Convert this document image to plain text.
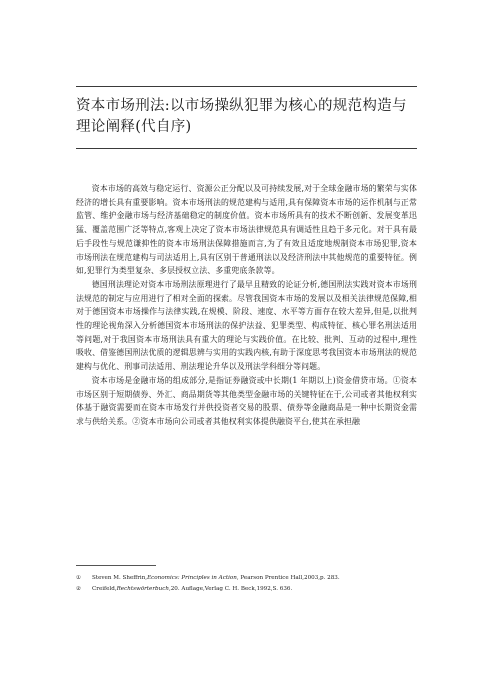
资本市场刑法:以市场操纵犯罪为核心的规范构造与理论阐释(代自序)

资本市场的高效与稳定运行、资源公正分配以及可持续发展,对于全球金融市场的繁荣与实体经济的增长具有重要影响。资本市场刑法的规范建构与适用,具有保障资本市场的运作机制与正常监管、维护金融市场与经济基础稳定的制度价值。资本市场所具有的技术不断创新、发展变革迅猛、覆盖范围广泛等特点,客观上决定了资本市场法律规范具有调适性且趋于多元化。对于具有最后手段性与规范谦抑性的资本市场刑法保障措施而言,为了有效且适度地规制资本市场犯罪,资本市场刑法在规范建构与司法适用上,具有区别于普通刑法以及经济刑法中其他规范的重要特征。例如,犯罪行为类型复杂、多层授权立法、多重兜底条款等。

德国刑法理论对资本市场刑法原理进行了最早且精致的论证分析,德国刑法实践对资本市场刑法规范的制定与应用进行了相对全面的探索。尽管我国资本市场的发展以及相关法律规范保障,相对于德国资本市场操作与法律实践,在规模、阶段、速度、水平等方面存在较大差异,但是,以批判性的理论视角深入分析德国资本市场刑法的保护法益、犯罪类型、构成特征、核心罪名刑法适用等问题,对于我国资本市场刑法具有重大的理论与实践价值。在比较、批判、互动的过程中,理性吸收、借鉴德国刑法优质的逻辑思辨与实用的实践内核,有助于深度思考我国资本市场刑法的规范建构与优化、刑事司法适用、刑法理论升华以及刑法学科细分等问题。

资本市场是金融市场的组成部分,是指证券融资或中长期(1 年期以上)资金借贷市场。①资本市场区别于短期债券、外汇、商品期货等其他类型金融市场的关键特征在于,公司或者其他权利实体基于融资需要而在资本市场发行并供投资者交易的股票、债券等金融商品是一种中长期资金需求与供给关系。②资本市场向公司或者其他权利实体提供融资平台,使其在承担融

①	Steven M. Sheffrin,Economics: Principles in Action, Pearson Prentice Hall,2003,p. 283.
②	Creifeld,Rechtswörterbuch,20. Auflage,Verlag C. H. Beck,1992,S. 636.
